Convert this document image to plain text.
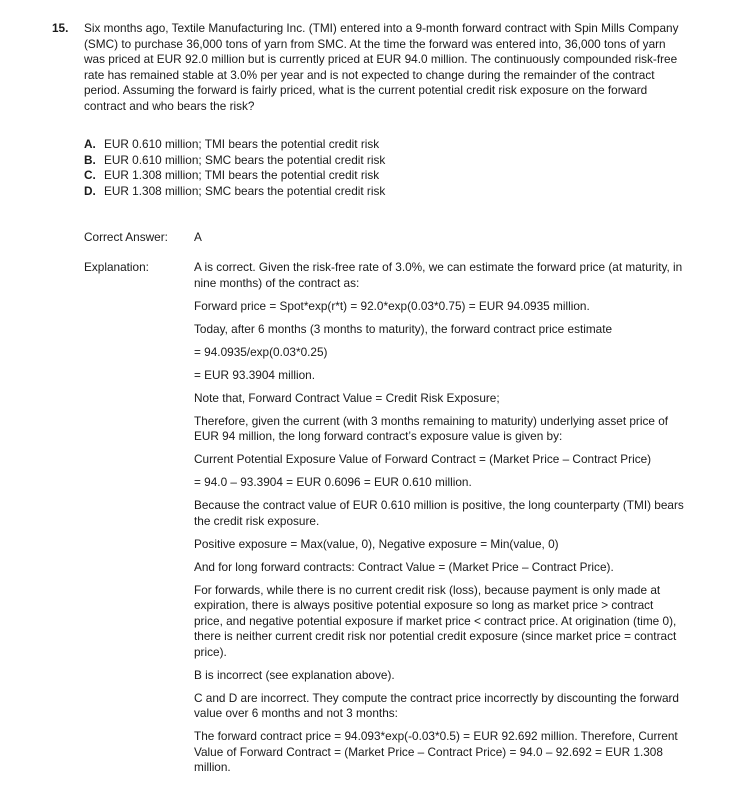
15. Six months ago, Textile Manufacturing Inc. (TMI) entered into a 9-month forward contract with Spin Mills Company (SMC) to purchase 36,000 tons of yarn from SMC. At the time the forward was entered into, 36,000 tons of yarn was priced at EUR 92.0 million but is currently priced at EUR 94.0 million. The continuously compounded risk-free rate has remained stable at 3.0% per year and is not expected to change during the remainder of the contract period. Assuming the forward is fairly priced, what is the current potential credit risk exposure on the forward contract and who bears the risk?
A. EUR 0.610 million; TMI bears the potential credit risk
B. EUR 0.610 million; SMC bears the potential credit risk
C. EUR 1.308 million; TMI bears the potential credit risk
D. EUR 1.308 million; SMC bears the potential credit risk
Correct Answer: A
Explanation:	A is correct. Given the risk-free rate of 3.0%, we can estimate the forward price (at maturity, in nine months) of the contract as:

Forward price = Spot*exp(r*t) = 92.0*exp(0.03*0.75) = EUR 94.0935 million.

Today, after 6 months (3 months to maturity), the forward contract price estimate

= 94.0935/exp(0.03*0.25)

= EUR 93.3904 million.

Note that, Forward Contract Value = Credit Risk Exposure;

Therefore, given the current (with 3 months remaining to maturity) underlying asset price of EUR 94 million, the long forward contract’s exposure value is given by:

Current Potential Exposure Value of Forward Contract = (Market Price – Contract Price)

= 94.0 – 93.3904 = EUR 0.6096 = EUR 0.610 million.

Because the contract value of EUR 0.610 million is positive, the long counterparty (TMI) bears the credit risk exposure.

Positive exposure = Max(value, 0), Negative exposure = Min(value, 0)

And for long forward contracts: Contract Value = (Market Price – Contract Price).

For forwards, while there is no current credit risk (loss), because payment is only made at expiration, there is always positive potential exposure so long as market price > contract price, and negative potential exposure if market price < contract price. At origination (time 0), there is neither current credit risk nor potential credit exposure (since market price = contract price).

B is incorrect (see explanation above).

C and D are incorrect. They compute the contract price incorrectly by discounting the forward value over 6 months and not 3 months:

The forward contract price = 94.093*exp(-0.03*0.5) = EUR 92.692 million. Therefore, Current Value of Forward Contract = (Market Price – Contract Price) = 94.0 – 92.692 = EUR 1.308 million.
